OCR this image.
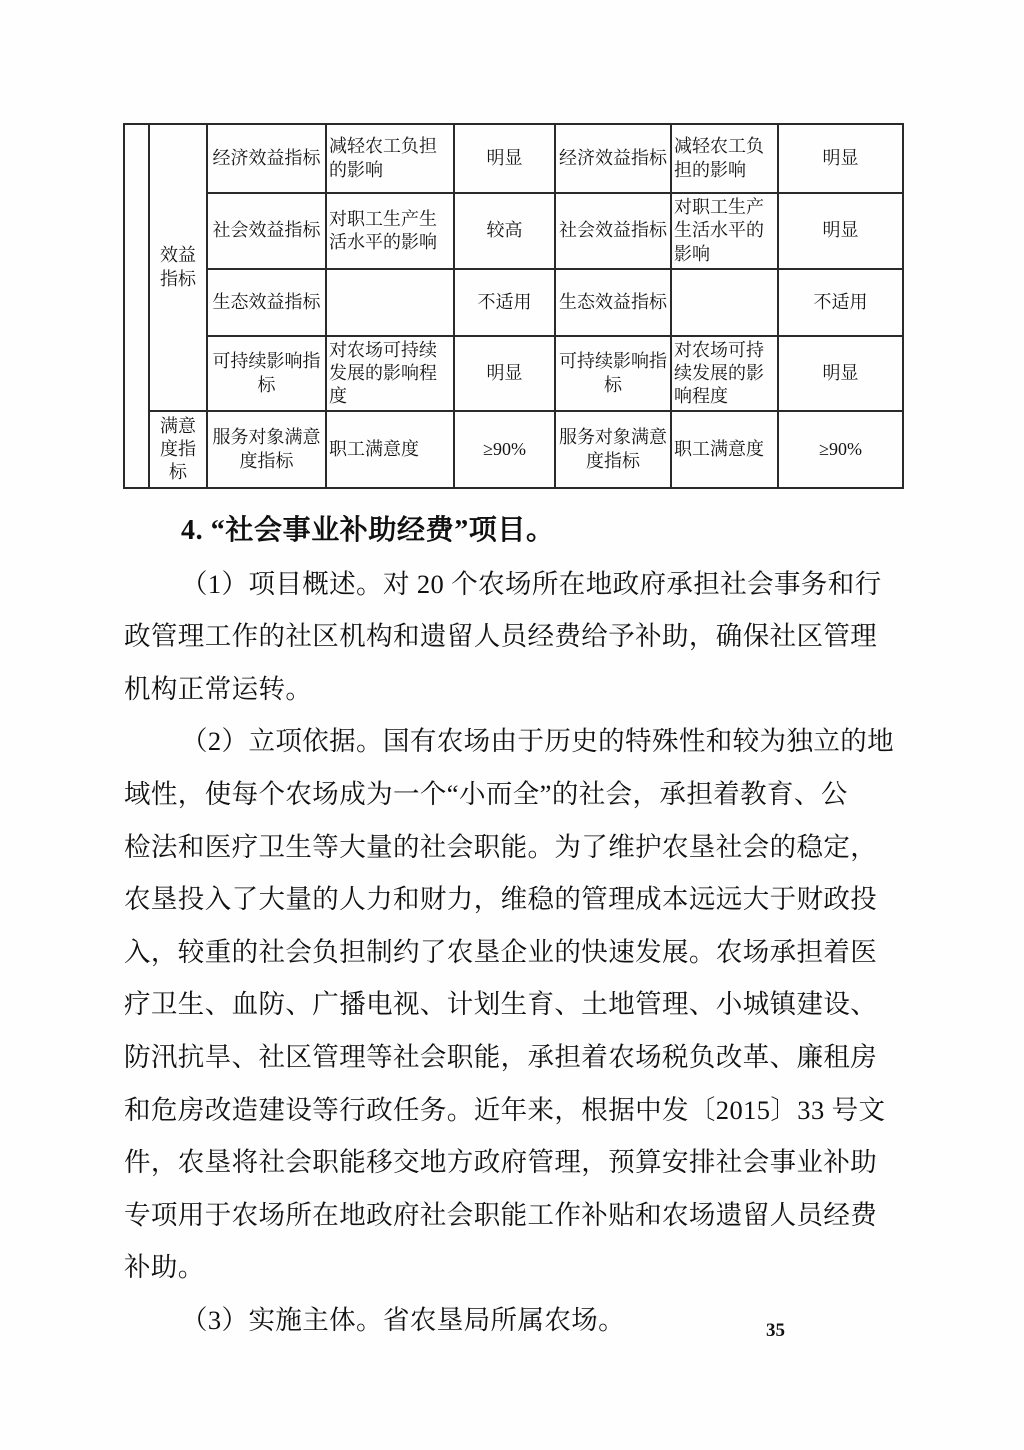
	效益指标	经济效益指标	减轻农工负担的影响	明显	经济效益指标	减轻农工负担的影响	明显
		社会效益指标	对职工生产生活水平的影响	较高	社会效益指标	对职工生产生活水平的影响	明显
		生态效益指标		不适用	生态效益指标		不适用
		可持续影响指标	对农场可持续发展的影响程度	明显	可持续影响指标	对农场可持续发展的影响程度	明显
	满意度指标	服务对象满意度指标	职工满意度	≥90%	服务对象满意度指标	职工满意度	≥90%
4. “社会事业补助经费”项目。
（1）项目概述。对 20 个农场所在地政府承担社会事务和行
政管理工作的社区机构和遗留人员经费给予补助，确保社区管理
机构正常运转。
（2）立项依据。国有农场由于历史的特殊性和较为独立的地
域性，使每个农场成为一个“小而全”的社会，承担着教育、公
检法和医疗卫生等大量的社会职能。为了维护农垦社会的稳定，
农垦投入了大量的人力和财力，维稳的管理成本远远大于财政投
入，较重的社会负担制约了农垦企业的快速发展。农场承担着医
疗卫生、血防、广播电视、计划生育、土地管理、小城镇建设、
防汛抗旱、社区管理等社会职能，承担着农场税负改革、廉租房
和危房改造建设等行政任务。近年来，根据中发〔2015〕33 号文
件，农垦将社会职能移交地方政府管理，预算安排社会事业补助
专项用于农场所在地政府社会职能工作补贴和农场遗留人员经费
补助。
（3）实施主体。省农垦局所属农场。	35
